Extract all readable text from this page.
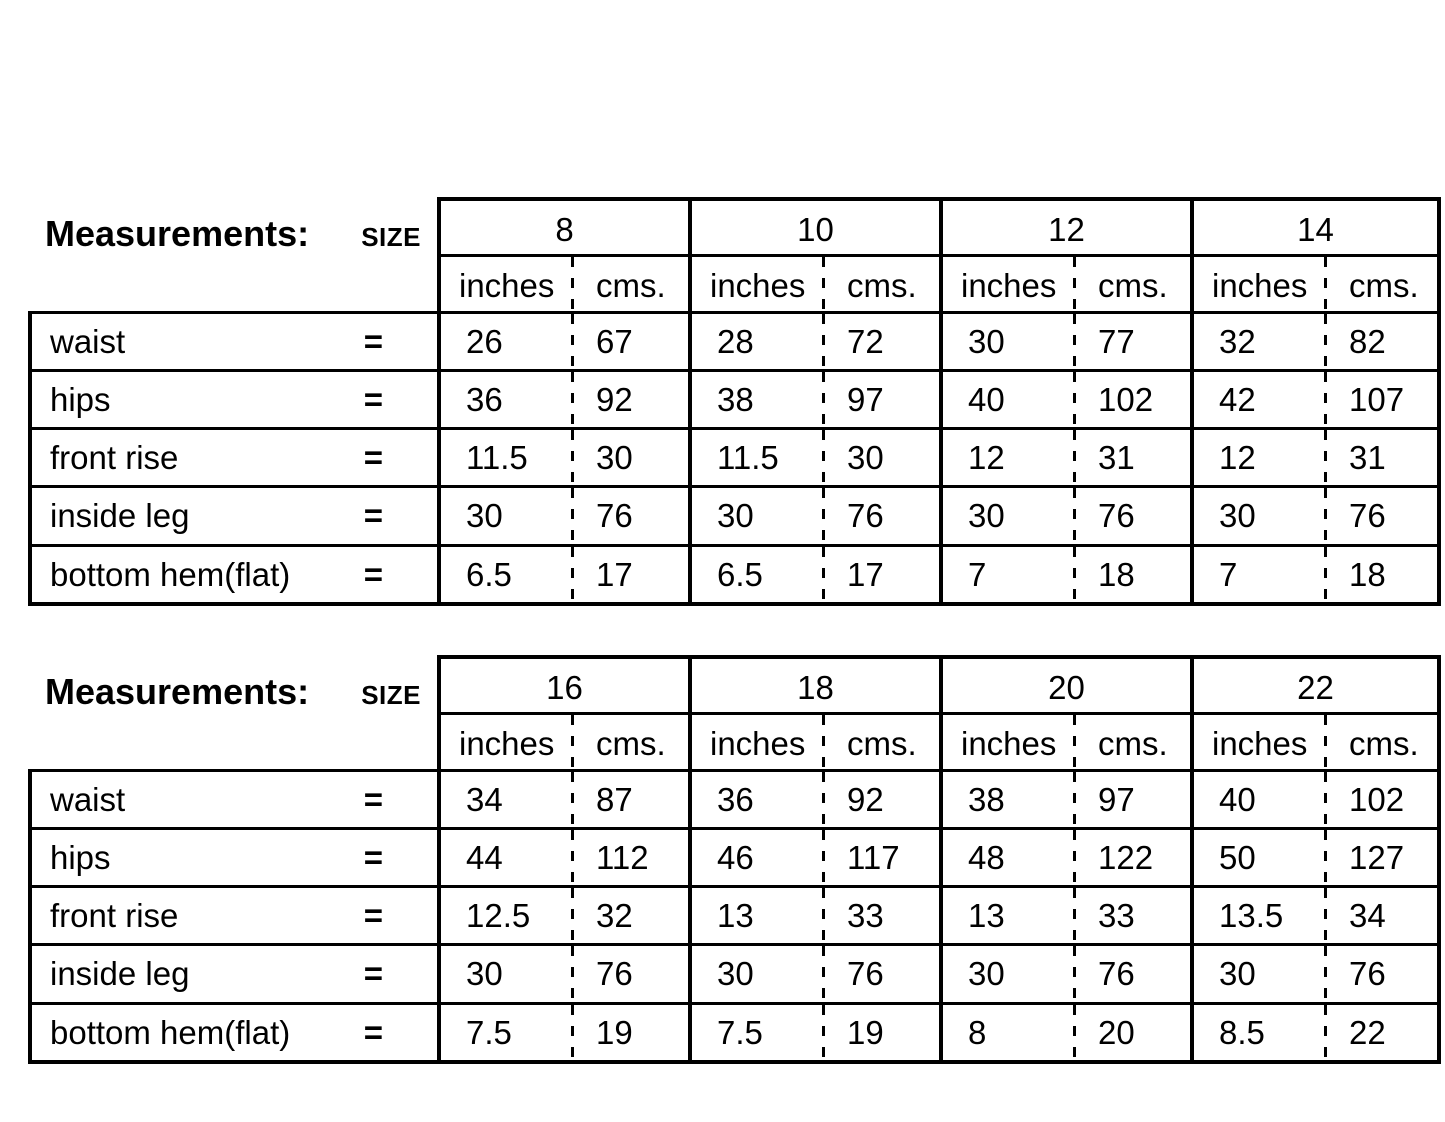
Measurements: SIZE	8	10	12	14
inches	cms.	inches	cms.	inches	cms.	inches	cms.
waist	=	26	67	28	72	30	77	32	82
hips	=	36	92	38	97	40	102	42	107
front rise	=	11.5	30	11.5	30	12	31	12	31
inside leg	=	30	76	30	76	30	76	30	76
bottom hem(flat) =	6.5	17	6.5	17	7	18	7	18
Measurements: SIZE	16	18	20	22
inches	cms.	inches	cms.	inches	cms.	inches	cms.
waist	=	34	87	36	92	38	97	40	102
hips	=	44	112	46	117	48	122	50	127
front rise	=	12.5	32	13	33	13	33	13.5	34
inside leg	=	30	76	30	76	30	76	30	76
bottom hem(flat) =	7.5	19	7.5	19	8	20	8.5	22
